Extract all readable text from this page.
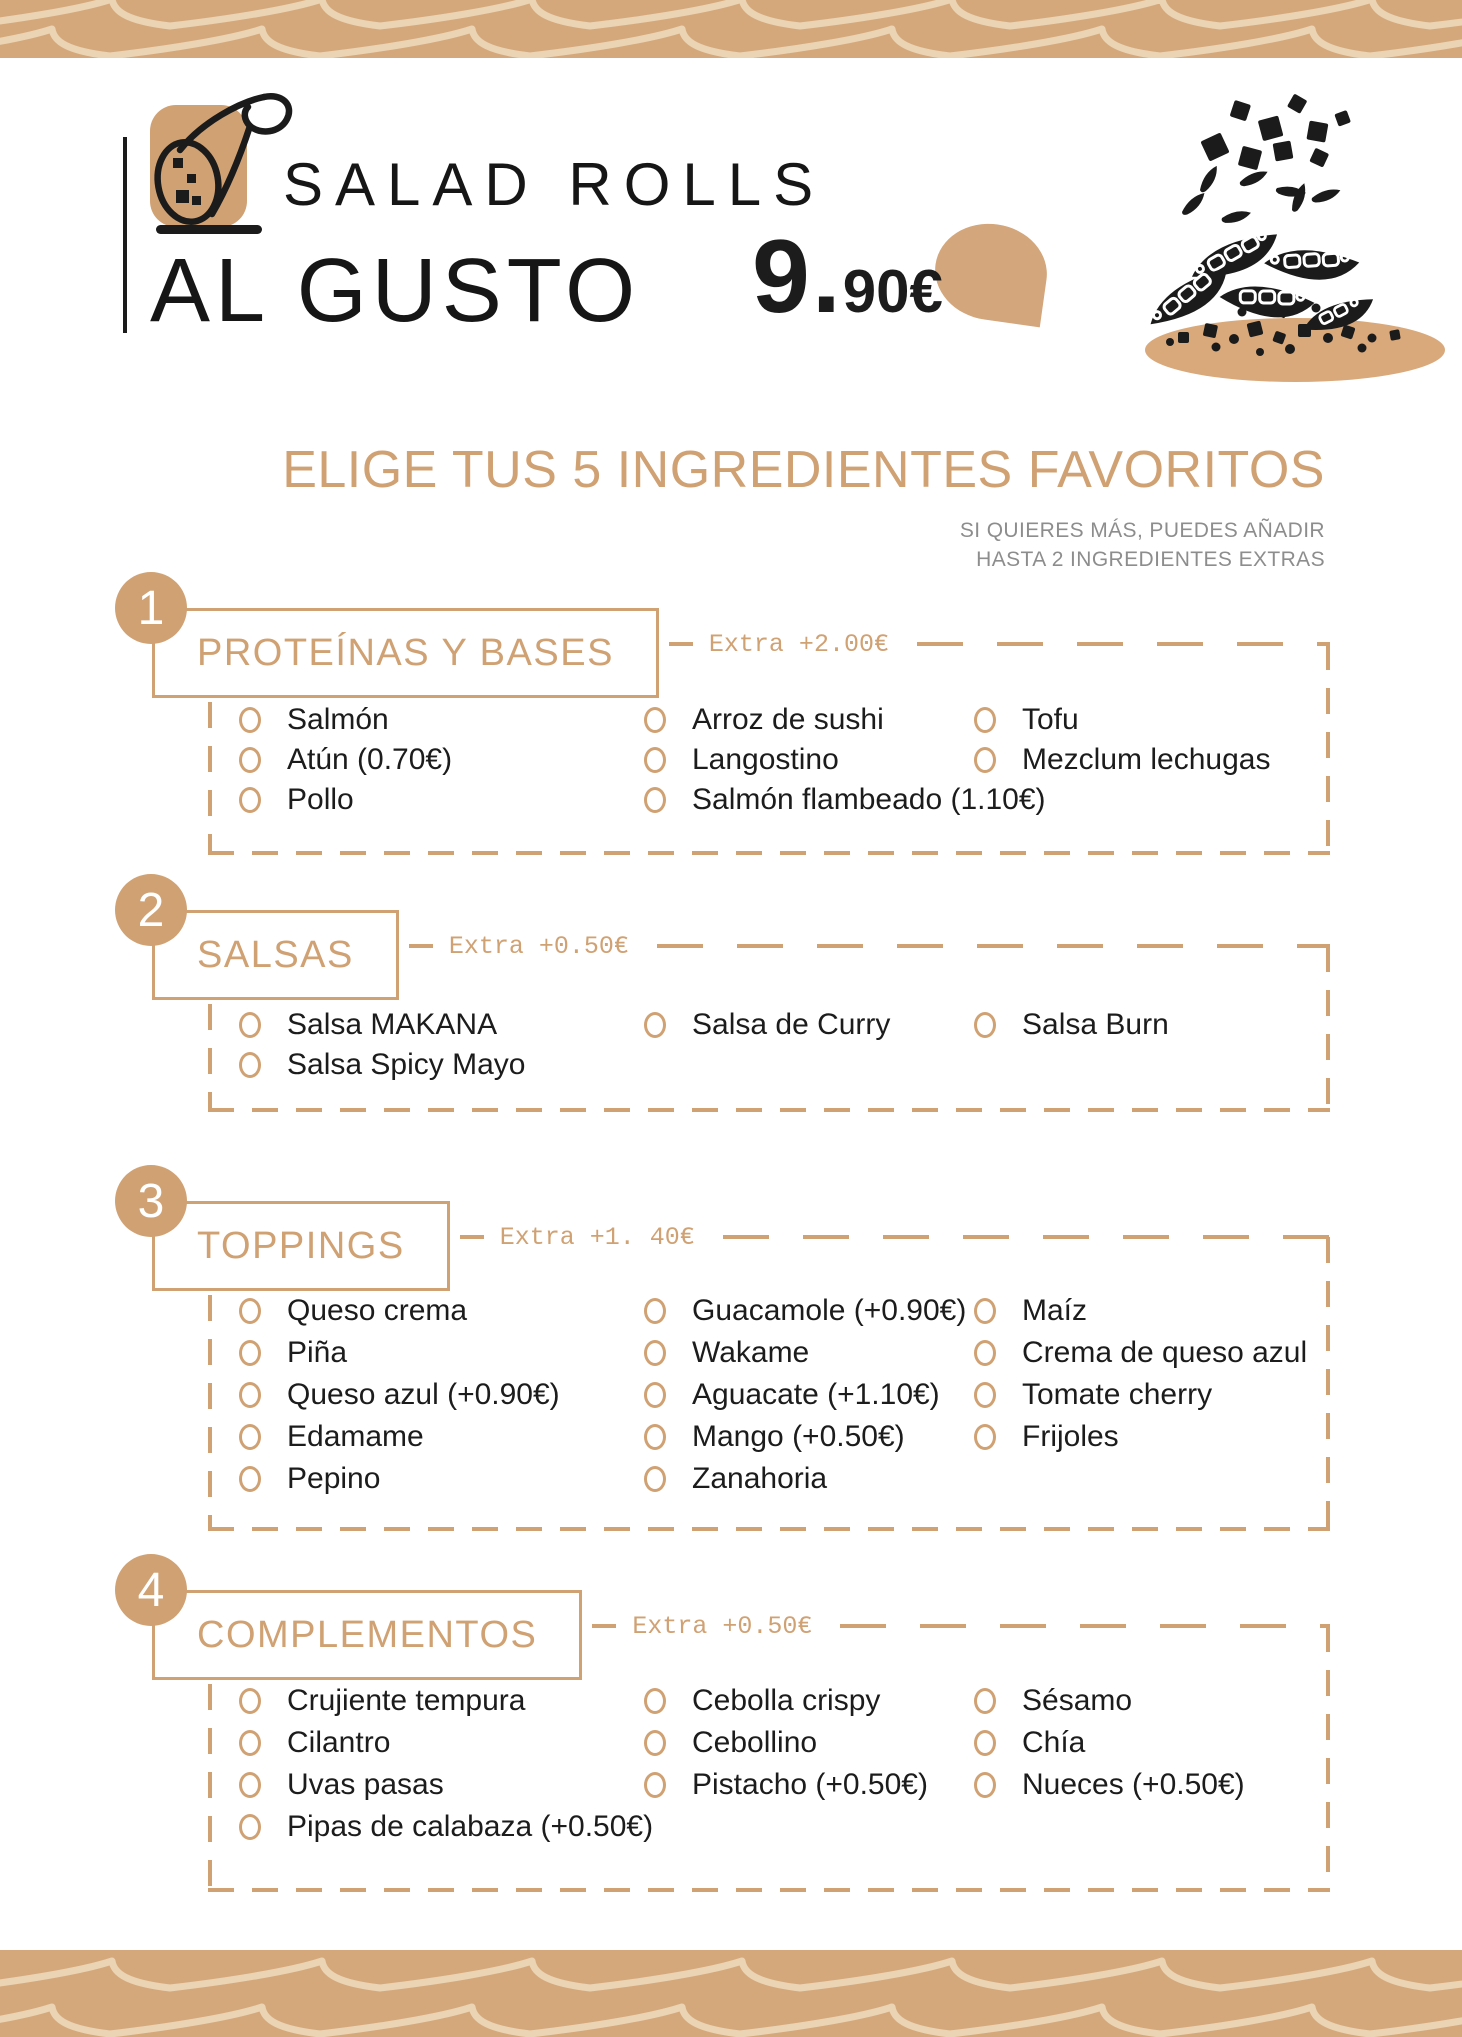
SALAD ROLLS
AL GUSTO 9. 90€
ELIGE TUS 5 INGREDIENTES FAVORITOS
SI QUIERES MÁS, PUEDES AÑADIR
HASTA 2 INGREDIENTES EXTRAS
1
PROTEÍNAS Y BASES	Extra +2.00€
Salmón
Atún (0.70€)
Pollo
Arroz de sushi
Langostino
Salmón flambeado (1.10€)
Tofu
Mezclum lechugas
2
SALSAS	Extra +0.50€
Salsa MAKANA
Salsa Spicy Mayo
Salsa de Curry	Salsa Burn
3
TOPPINGS	Extra +1. 40€
Queso crema
Piña
Queso azul (+0.90€)
Edamame
Pepino
Guacamole (+0.90€)
Wakame
Aguacate (+1.10€)
Mango (+0.50€)
Zanahoria
Maíz
Crema de queso azul
Tomate cherry
Frijoles
4
COMPLEMENTOS	Extra +0.50€
Crujiente tempura
Cilantro
Uvas pasas
Pipas de calabaza (+0.50€)
Cebolla crispy
Cebollino
Pistacho (+0.50€)
Sésamo
Chía
Nueces (+0.50€)
